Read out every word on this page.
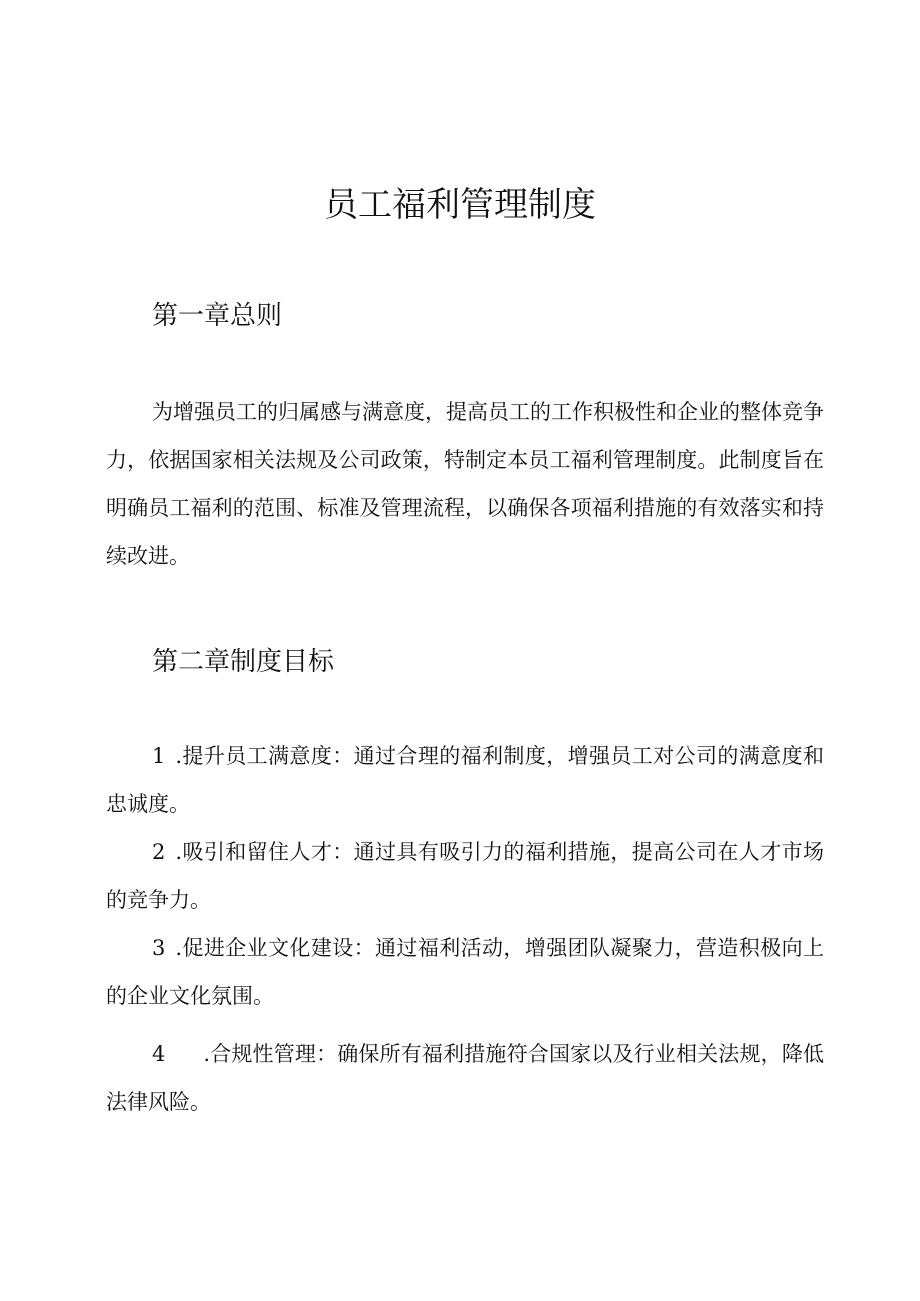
员工福利管理制度
第一章总则

为增强员工的归属感与满意度，提高员工的工作积极性和企业的整体竞争力，依据国家相关法规及公司政策，特制定本员工福利管理制度。此制度旨在明确员工福利的范围、标准及管理流程，以确保各项福利措施的有效落实和持续改进。

第二章制度目标

1 .提升员工满意度：通过合理的福利制度，增强员工对公司的满意度和忠诚度。

2 .吸引和留住人才：通过具有吸引力的福利措施，提高公司在人才市场的竞争力。

3 .促进企业文化建设：通过福利活动，增强团队凝聚力，营造积极向上的企业文化氛围。

4 .合规性管理：确保所有福利措施符合国家以及行业相关法规，降低法律风险。
